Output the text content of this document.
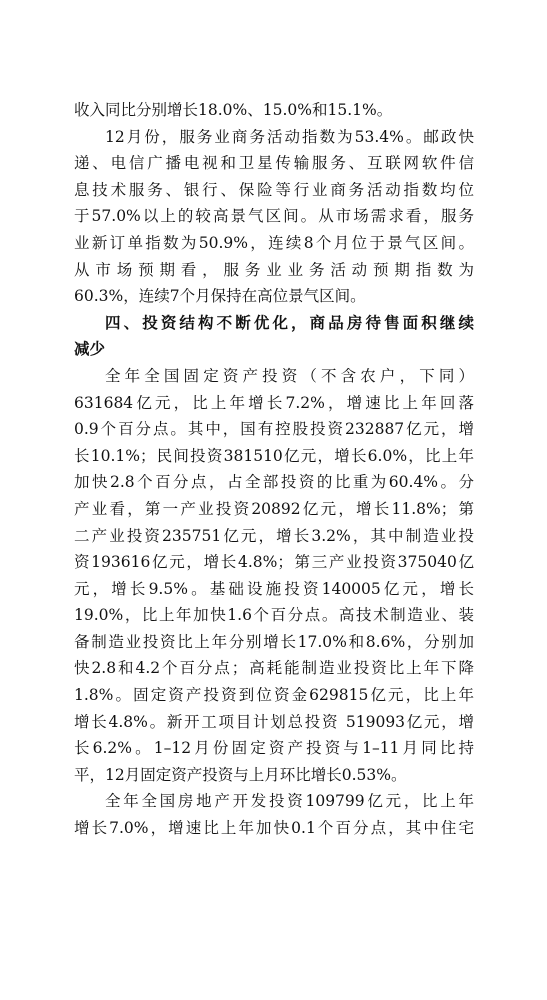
收入同比分别增长18.0%、15.0%和15.1%。
12月份，服务业商务活动指数为53.4%。邮政快
递、电信广播电视和卫星传输服务、互联网软件信
息技术服务、银行、保险等行业商务活动指数均位
于57.0%以上的较高景气区间。从市场需求看，服务
业新订单指数为50.9%，连续8个月位于景气区间。
从市场预期看，服务业业务活动预期指数为
60.3%，连续7个月保持在高位景气区间。
四、投资结构不断优化，商品房待售面积继续
减少
全年全国固定资产投资（不含农户，下同）
631684亿元，比上年增长7.2%，增速比上年回落
0.9个百分点。其中，国有控股投资232887亿元，增
长10.1%；民间投资381510亿元，增长6.0%，比上年
加快2.8个百分点，占全部投资的比重为60.4%。分
产业看，第一产业投资20892亿元，增长11.8%；第
二产业投资235751亿元，增长3.2%，其中制造业投
资193616亿元，增长4.8%；第三产业投资375040亿
元，增长9.5%。基础设施投资140005亿元，增长
19.0%，比上年加快1.6个百分点。高技术制造业、装
备制造业投资比上年分别增长17.0%和8.6%，分别加
快2.8和4.2个百分点；高耗能制造业投资比上年下降
1.8%。固定资产投资到位资金629815亿元，比上年
增长4.8%。新开工项目计划总投资 519093亿元，增
长6.2%。1–12月份固定资产投资与1–11月同比持
平，12月固定资产投资与上月环比增长0.53%。
全年全国房地产开发投资109799亿元，比上年
增长7.0%，增速比上年加快0.1个百分点，其中住宅
